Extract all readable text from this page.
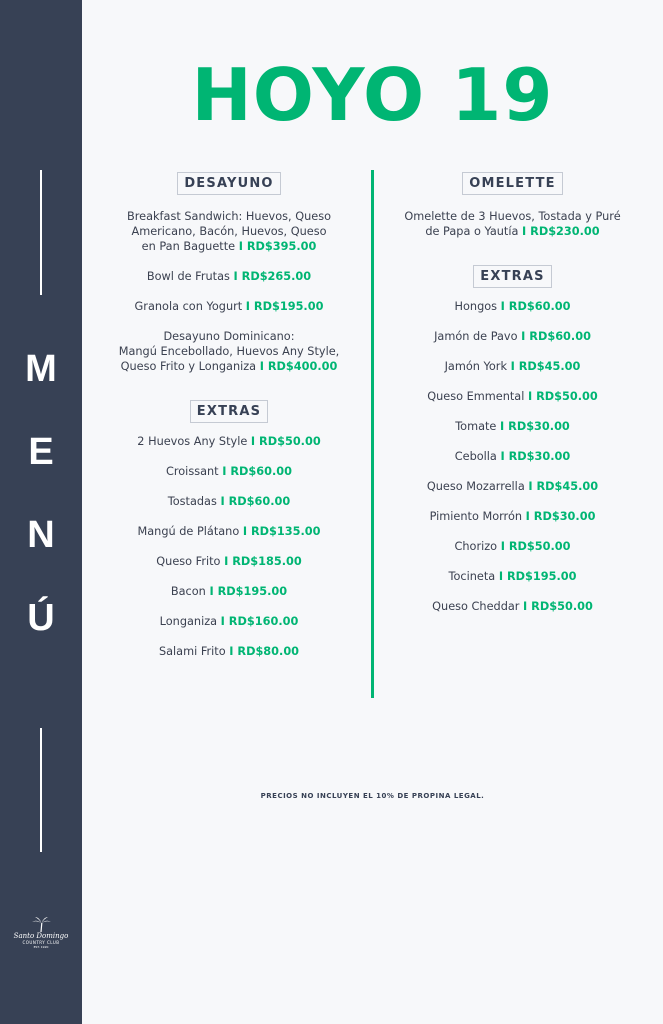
M
E
N
Ú
Santo Domingo
COUNTRY CLUB
EST. 1920
HOYO 19
DESAYUNO
Breakfast Sandwich: Huevos, Queso
Americano, Bacón, Huevos, Queso
en Pan Baguette I RD$395.00
Bowl de Frutas I RD$265.00
Granola con Yogurt I RD$195.00
Desayuno Dominicano:
Mangú Encebollado, Huevos Any Style,
Queso Frito y Longaniza I RD$400.00
EXTRAS
2 Huevos Any Style I RD$50.00
Croissant I RD$60.00
Tostadas I RD$60.00
Mangú de Plátano I RD$135.00
Queso Frito I RD$185.00
Bacon I RD$195.00
Longaniza I RD$160.00
Salami Frito I RD$80.00
OMELETTE
Omelette de 3 Huevos, Tostada y Puré
de Papa o Yautía I RD$230.00
EXTRAS
Hongos I RD$60.00
Jamón de Pavo I RD$60.00
Jamón York I RD$45.00
Queso Emmental I RD$50.00
Tomate I RD$30.00
Cebolla I RD$30.00
Queso Mozarrella I RD$45.00
Pimiento Morrón I RD$30.00
Chorizo I RD$50.00
Tocineta I RD$195.00
Queso Cheddar I RD$50.00
PRECIOS NO INCLUYEN EL 10% DE PROPINA LEGAL.
